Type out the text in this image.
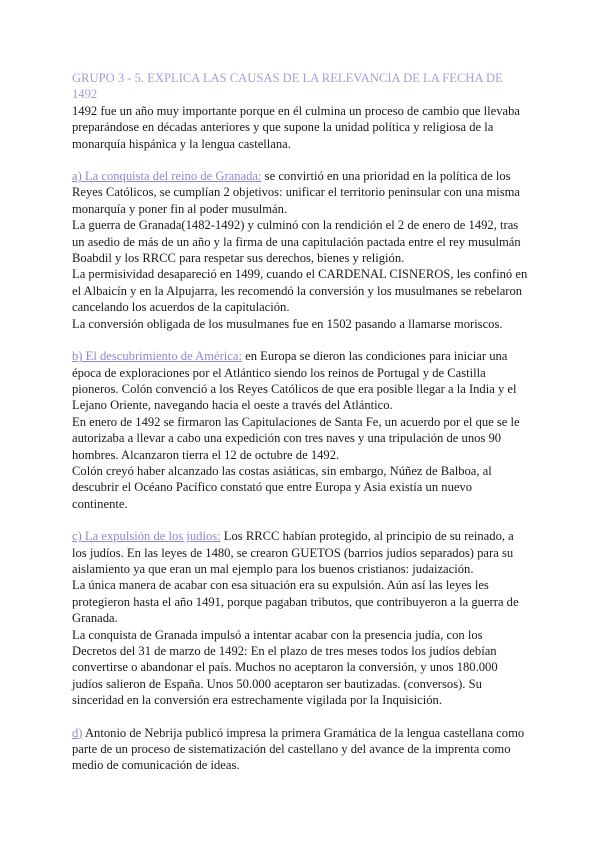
GRUPO 3 - 5. EXPLICA LAS CAUSAS DE LA RELEVANCIA DE LA FECHA DE 1492

1492 fue un año muy importante porque en él culmina un proceso de cambio que llevaba preparándose en décadas anteriores y que supone la unidad política y religiosa de la monarquía hispánica y la lengua castellana.

a) La conquista del reino de Granada: se convirtió en una prioridad en la política de los Reyes Católicos, se cumplían 2 objetivos: unificar el territorio peninsular con una misma monarquía y poner fin al poder musulmán.

La guerra de Granada(1482-1492) y culminó con la rendición el 2 de enero de 1492, tras un asedio de más de un año y la firma de una capitulación pactada entre el rey musulmán Boabdil y los RRCC para respetar sus derechos, bienes y religión.

La permisividad desapareció en 1499, cuando el CARDENAL CISNEROS, les confinó en el Albaicín y en la Alpujarra, les recomendó la conversión y los musulmanes se rebelaron cancelando los acuerdos de la capitulación.

La conversión obligada de los musulmanes fue en 1502 pasando a llamarse moriscos.

b) El descubrimiento de América: en Europa se dieron las condiciones para iniciar una época de exploraciones por el Atlántico siendo los reinos de Portugal y de Castilla pioneros. Colón convenció a los Reyes Católicos de que era posible llegar a la India y el Lejano Oriente, navegando hacia el oeste a través del Atlántico.

En enero de 1492 se firmaron las Capitulaciones de Santa Fe, un acuerdo por el que se le autorizaba a llevar a cabo una expedición con tres naves y una tripulación de unos 90 hombres. Alcanzaron tierra el 12 de octubre de 1492.

Colón creyó haber alcanzado las costas asiáticas, sin embargo, Núñez de Balboa, al descubrir el Océano Pacífico constató que entre Europa y Asia existía un nuevo continente.

c) La expulsión de los judíos: Los RRCC habían protegido, al principio de su reinado, a los judíos. En las leyes de 1480, se crearon GUETOS (barrios judíos separados) para su aislamiento ya que eran un mal ejemplo para los buenos cristianos: judaización.

La única manera de acabar con esa situación era su expulsión. Aún así las leyes les protegieron hasta el año 1491, porque pagaban tributos, que contribuyeron a la guerra de Granada.

La conquista de Granada impulsó a intentar acabar con la presencia judía, con los Decretos del 31 de marzo de 1492: En el plazo de tres meses todos los judíos debían convertirse o abandonar el país. Muchos no aceptaron la conversión, y unos 180.000 judíos salieron de España. Unos 50.000 aceptaron ser bautizadas. (conversos). Su sinceridad en la conversión era estrechamente vigilada por la Inquisición.

d) Antonio de Nebrija publicó impresa la primera Gramática de la lengua castellana como parte de un proceso de sistematización del castellano y del avance de la imprenta como medio de comunicación de ideas.
